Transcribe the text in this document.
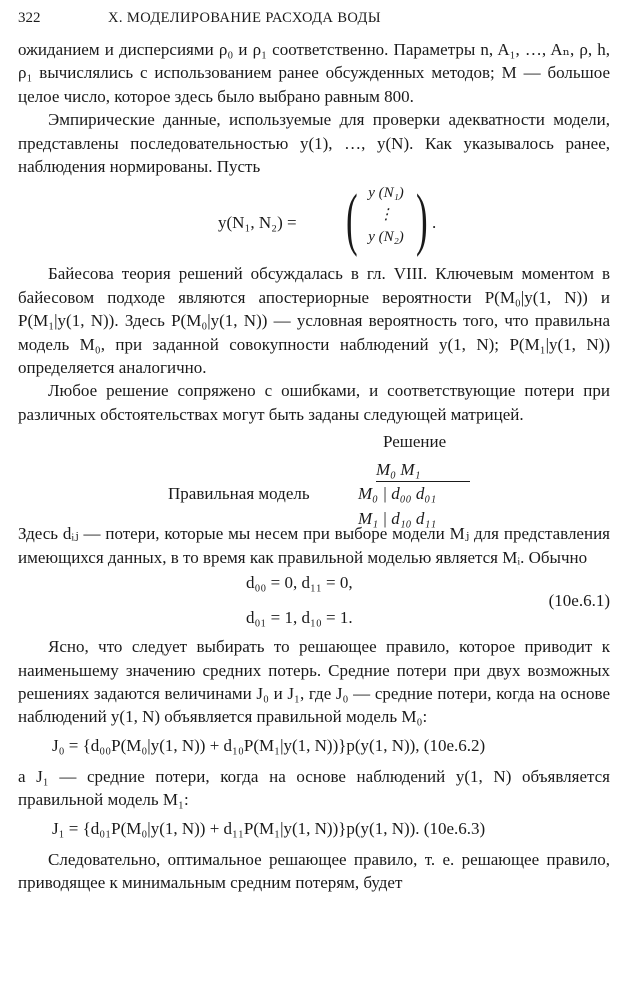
322	X. МОДЕЛИРОВАНИЕ РАСХОДА ВОДЫ

ожиданием и дисперсиями ρ₀ и ρ₁ соответственно. Параметры n, A₁, …, Aₙ, ρ, h, ρ₁ вычислялись с использованием ранее обсужденных методов; M — большое целое число, которое здесь было выбрано равным 800.

Эмпирические данные, используемые для проверки адекватности модели, представлены последовательностью y(1), …, y(N). Как указывалось ранее, наблюдения нормированы. Пусть

y(N₁, N₂) = ( y (N₁)
⋮
y (N₂) ) .

Байесова теория решений обсуждалась в гл. VIII. Ключевым моментом в байесовом подходе являются апостериорные вероятности P(M₀|y(1, N)) и P(M₁|y(1, N)). Здесь P(M₀|y(1, N)) — условная вероятность того, что правильна модель M₀, при заданной совокупности наблюдений y(1, N); P(M₁|y(1, N)) определяется аналогично.

Любое решение сопряжено с ошибками, и соответствующие потери при различных обстоятельствах могут быть заданы следующей матрицей.

Решение
M₀ M₁
Правильная модель	M₀ | d₀₀ d₀₁
M₁ | d₁₀ d₁₁

Здесь dᵢⱼ — потери, которые мы несем при выборе модели Mⱼ для представления имеющихся данных, в то время как правильной моделью является Mᵢ. Обычно

d₀₀ = 0, d₁₁ = 0,
d₀₁ = 1, d₁₀ = 1.
(10е.6.1)

Ясно, что следует выбирать то решающее правило, которое приводит к наименьшему значению средних потерь. Средние потери при двух возможных решениях задаются величинами J₀ и J₁, где J₀ — средние потери, когда на основе наблюдений y(1, N) объявляется правильной модель M₀:

J₀ = {d₀₀P(M₀|y(1, N)) + d₁₀P(M₁|y(1, N))}p(y(1, N)), (10е.6.2)

а J₁ — средние потери, когда на основе наблюдений y(1, N) объявляется правильной модель M₁:

J₁ = {d₀₁P(M₀|y(1, N)) + d₁₁P(M₁|y(1, N))}p(y(1, N)). (10е.6.3)

Следовательно, оптимальное решающее правило, т. е. решающее правило, приводящее к минимальным средним потерям, будет
